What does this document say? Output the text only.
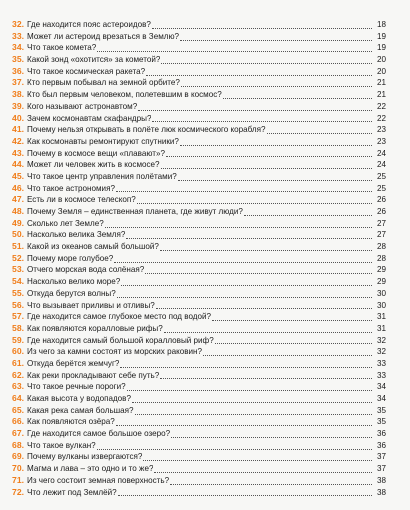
32. Где находится пояс астероидов?	18
33. Может ли астероид врезаться в Землю?	19
34. Что такое комета?	19
35. Какой зонд «охотится» за кометой?	20
36. Что такое космическая ракета?	20
37. Кто первым побывал на земной орбите?	21
38. Кто был первым человеком, полетевшим в космос?	21
39. Кого называют астронавтом?	22
40. Зачем космонавтам скафандры?	22
41. Почему нельзя открывать в полёте люк космического корабля?	23
42. Как космонавты ремонтируют спутники?	23
43. Почему в космосе вещи «плавают»?	24
44. Может ли человек жить в космосе?	24
45. Что такое центр управления полётами?	25
46. Что такое астрономия?	25
47. Есть ли в космосе телескоп?	26
48. Почему Земля – единственная планета, где живут люди?	26
49. Сколько лет Земле?	27
50. Насколько велика Земля?	27
51. Какой из океанов самый большой?	28
52. Почему море голубое?	28
53. Отчего морская вода солёная?	29
54. Насколько велико море?	29
55. Откуда берутся волны?	30
56. Что вызывает приливы и отливы?	30
57. Где находится самое глубокое место под водой?	31
58. Как появляются коралловые рифы?	31
59. Где находится самый большой коралловый риф?	32
60. Из чего за камни состоят из морских раковин?	32
61. Откуда берётся жемчуг?	33
62. Как реки прокладывают себе путь?	33
63. Что такое речные пороги?	34
64. Какая высота у водопадов?	34
65. Какая река самая большая?	35
66. Как появляются озёра?	35
67. Где находится самое большое озеро?	36
68. Что такое вулкан?	36
69. Почему вулканы извергаются?	37
70. Магма и лава – это одно и то же?	37
71. Из чего состоит земная поверхность?	38
72. Что лежит под Землёй?	38
